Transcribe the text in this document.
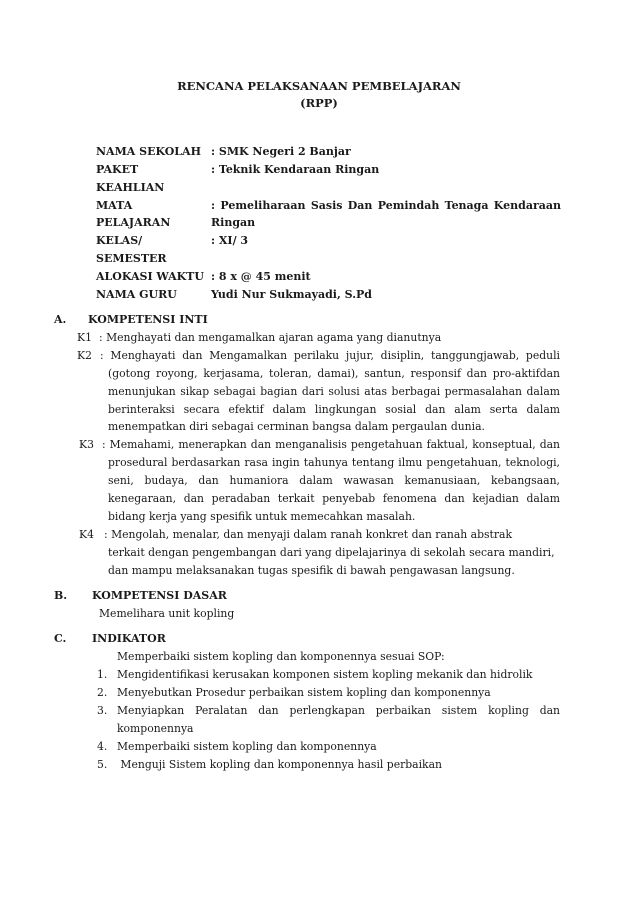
RENCANA PELAKSANAAN PEMBELAJARAN
(RPP)
NAMA SEKOLAH : SMK Negeri 2 Banjar
PAKET
KEAHLIAN
: Teknik Kendaraan Ringan
MATA
PELAJARAN
: Pemeliharaan Sasis Dan Pemindah Tenaga Kendaraan
Ringan
KELAS/
SEMESTER
: XI/ 3
ALOKASI WAKTU : 8 x @ 45 menit
NAMA GURU	Yudi Nur Sukmayadi, S.Pd
A. KOMPETENSI INTI
K1 : Menghayati dan mengamalkan ajaran agama yang dianutnya
K2 : Menghayati dan Mengamalkan perilaku jujur, disiplin, tanggungjawab, peduli
(gotong royong, kerjasama, toleran, damai), santun, responsif dan pro-aktifdan
menunjukan sikap sebagai bagian dari solusi atas berbagai permasalahan dalam
berinteraksi secara efektif dalam lingkungan sosial dan alam serta dalam
menempatkan diri sebagai cerminan bangsa dalam pergaulan dunia.
K3 : Memahami, menerapkan dan menganalisis pengetahuan faktual, konseptual, dan
prosedural berdasarkan rasa ingin tahunya tentang ilmu pengetahuan, teknologi,
seni, budaya, dan humaniora dalam wawasan kemanusiaan, kebangsaan,
kenegaraan, dan peradaban terkait penyebab fenomena dan kejadian dalam
bidang kerja yang spesifik untuk memecahkan masalah.
K4 : Mengolah, menalar, dan menyaji dalam ranah konkret dan ranah abstrak
terkait dengan pengembangan dari yang dipelajarinya di sekolah secara mandiri,
dan mampu melaksanakan tugas spesifik di bawah pengawasan langsung.
B. KOMPETENSI DASAR
Memelihara unit kopling
C. INDIKATOR
Memperbaiki sistem kopling dan komponennya sesuai SOP:
1. Mengidentifikasi kerusakan komponen sistem kopling mekanik dan hidrolik
2. Menyebutkan Prosedur perbaikan sistem kopling dan komponennya
3. Menyiapkan Peralatan dan perlengkapan perbaikan sistem kopling dan
komponennya
4. Memperbaiki sistem kopling dan komponennya
5. Menguji Sistem kopling dan komponennya hasil perbaikan
